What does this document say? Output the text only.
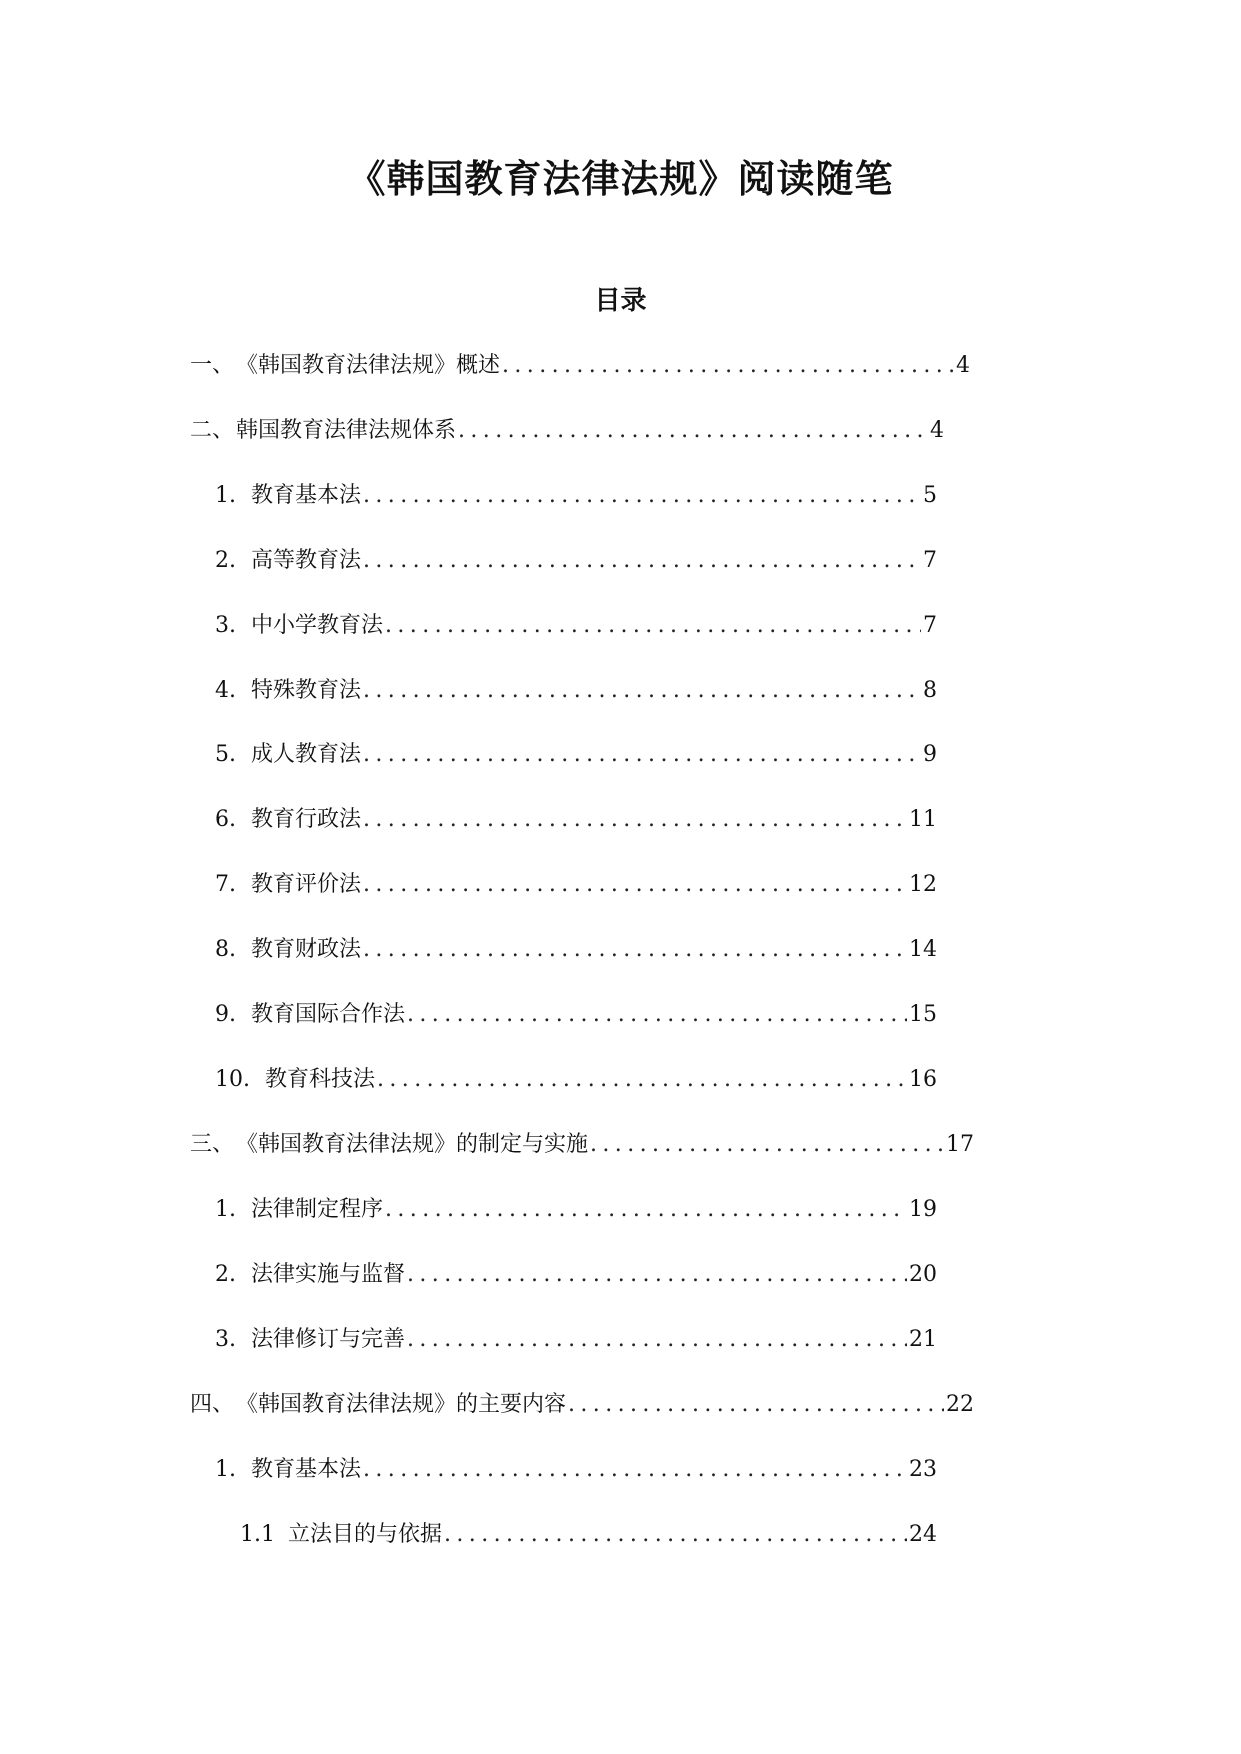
《韩国教育法律法规》阅读随笔
目录
一、 《韩国教育法律法规》概述 .....	4
二、 韩国教育法律法规体系 .....	4
1. 教育基本法 .....	5
2. 高等教育法 .....	7
3. 中小学教育法 .....	7
4. 特殊教育法 .....	8
5. 成人教育法 .....	9
6. 教育行政法 .....	11
7. 教育评价法 .....	12
8. 教育财政法 .....	14
9. 教育国际合作法 .....	15
10. 教育科技法 .....	16
三、 《韩国教育法律法规》的制定与实施 .....	17
1. 法律制定程序 .....	19
2. 法律实施与监督 .....	20
3. 法律修订与完善 .....	21
四、 《韩国教育法律法规》的主要内容 .....	22
1. 教育基本法 .....	23
1.1 立法目的与依据 .....	24
